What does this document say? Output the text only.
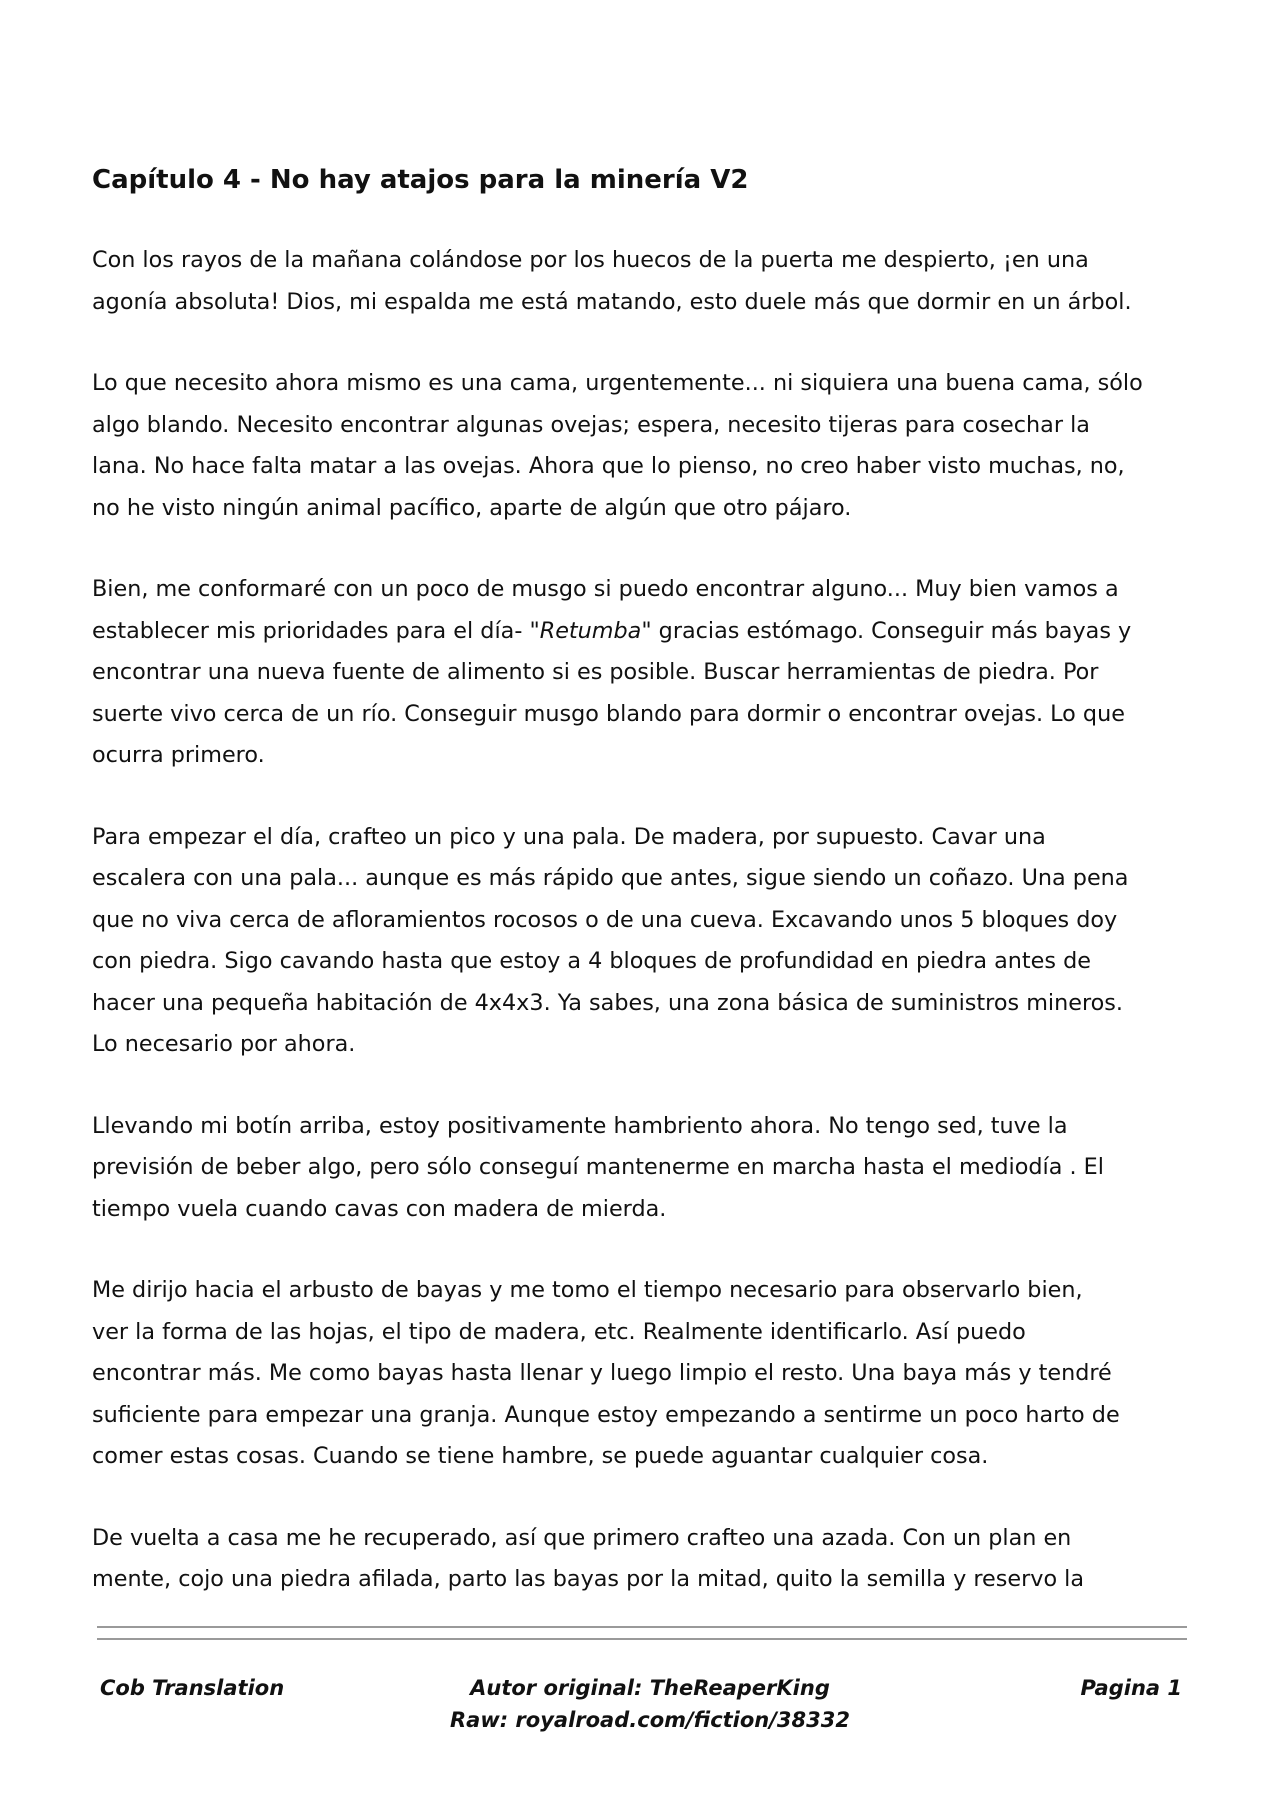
Capítulo 4 - No hay atajos para la minería V2

Con los rayos de la mañana colándose por los huecos de la puerta me despierto, ¡en una
agonía absoluta! Dios, mi espalda me está matando, esto duele más que dormir en un árbol.

Lo que necesito ahora mismo es una cama, urgentemente... ni siquiera una buena cama, sólo
algo blando. Necesito encontrar algunas ovejas; espera, necesito tijeras para cosechar la
lana. No hace falta matar a las ovejas. Ahora que lo pienso, no creo haber visto muchas, no,
no he visto ningún animal pacífico, aparte de algún que otro pájaro.

Bien, me conformaré con un poco de musgo si puedo encontrar alguno... Muy bien vamos a
establecer mis prioridades para el día- "Retumba" gracias estómago. Conseguir más bayas y
encontrar una nueva fuente de alimento si es posible. Buscar herramientas de piedra. Por
suerte vivo cerca de un río. Conseguir musgo blando para dormir o encontrar ovejas. Lo que
ocurra primero.

Para empezar el día, crafteo un pico y una pala. De madera, por supuesto. Cavar una
escalera con una pala... aunque es más rápido que antes, sigue siendo un coñazo. Una pena
que no viva cerca de afloramientos rocosos o de una cueva. Excavando unos 5 bloques doy
con piedra. Sigo cavando hasta que estoy a 4 bloques de profundidad en piedra antes de
hacer una pequeña habitación de 4x4x3. Ya sabes, una zona básica de suministros mineros.
Lo necesario por ahora.

Llevando mi botín arriba, estoy positivamente hambriento ahora. No tengo sed, tuve la
previsión de beber algo, pero sólo conseguí mantenerme en marcha hasta el mediodía . El
tiempo vuela cuando cavas con madera de mierda.

Me dirijo hacia el arbusto de bayas y me tomo el tiempo necesario para observarlo bien,
ver la forma de las hojas, el tipo de madera, etc. Realmente identificarlo. Así puedo
encontrar más. Me como bayas hasta llenar y luego limpio el resto. Una baya más y tendré
suficiente para empezar una granja. Aunque estoy empezando a sentirme un poco harto de
comer estas cosas. Cuando se tiene hambre, se puede aguantar cualquier cosa.

De vuelta a casa me he recuperado, así que primero crafteo una azada. Con un plan en
mente, cojo una piedra afilada, parto las bayas por la mitad, quito la semilla y reservo la

Cob Translation	Autor original: TheReaperKing
Raw: royalroad.com/fiction/38332
Pagina 1
